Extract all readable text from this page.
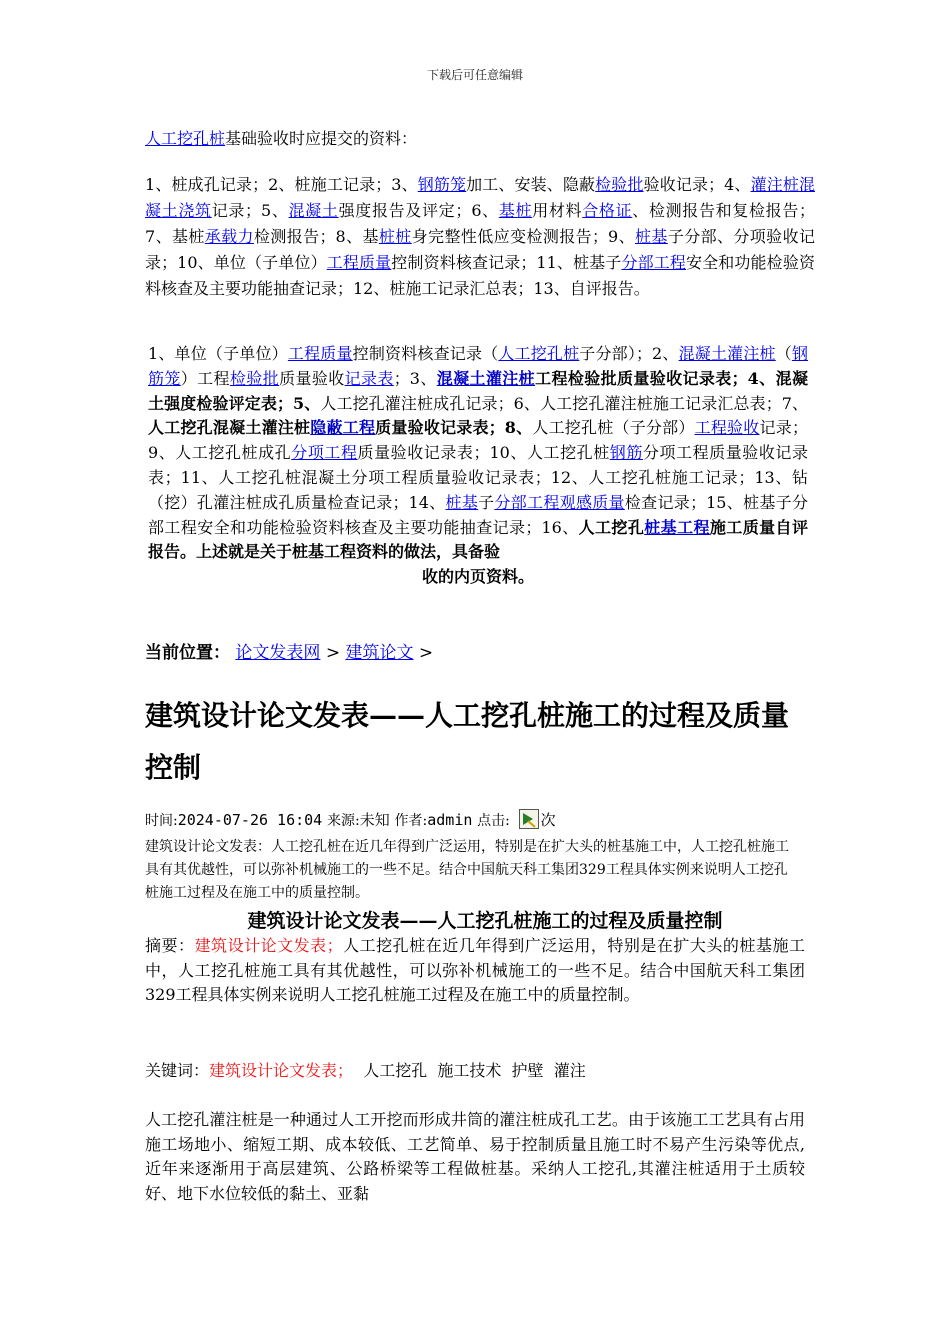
下载后可任意编辑
人工挖孔桩基础验收时应提交的资料：
1、桩成孔记录；2、桩施工记录；3、钢筋笼加工、安装、隐蔽检验批验收记录；4、灌注桩混凝土浇筑记录；5、混凝土强度报告及评定；6、基桩用材料合格证、检测报告和复检报告；7、基桩承载力检测报告；8、基桩桩身完整性低应变检测报告；9、桩基子分部、分项验收记录；10、单位（子单位）工程质量控制资料核查记录；11、桩基子分部工程安全和功能检验资料核查及主要功能抽查记录；12、桩施工记录汇总表；13、自评报告。
1、单位（子单位）工程质量控制资料核查记录（人工挖孔桩子分部）；2、混凝土灌注桩（钢筋笼）工程检验批质量验收记录表；3、混凝土灌注桩工程检验批质量验收记录表；4、混凝土强度检验评定表；5、人工挖孔灌注桩成孔记录；6、人工挖孔灌注桩施工记录汇总表；7、人工挖孔混凝土灌注桩隐蔽工程质量验收记录表；8、人工挖孔桩（子分部）工程验收记录；9、人工挖孔桩成孔分项工程质量验收记录表；10、人工挖孔桩钢筋分项工程质量验收记录表；11、人工挖孔桩混凝土分项工程质量验收记录表；12、人工挖孔桩施工记录；13、钻（挖）孔灌注桩成孔质量检查记录；14、桩基子分部工程观感质量检查记录；15、桩基子分部工程安全和功能检验资料核查及主要功能抽查记录；16、人工挖孔桩基工程施工质量自评报告。上述就是关于桩基工程资料的做法，具备验
收的内页资料。
当前位置： 论文发表网 > 建筑论文 >
建筑设计论文发表——人工挖孔桩施工的过程及质量控制
时间:2024-07-26 16:04 来源:未知 作者:admin 点击: 次
建筑设计论文发表：人工挖孔桩在近几年得到广泛运用，特别是在扩大头的桩基施工中，人工挖孔桩施工具有其优越性，可以弥补机械施工的一些不足。结合中国航天科工集团329工程具体实例来说明人工挖孔桩施工过程及在施工中的质量控制。
建筑设计论文发表——人工挖孔桩施工的过程及质量控制
摘要：建筑设计论文发表；人工挖孔桩在近几年得到广泛运用，特别是在扩大头的桩基施工中，人工挖孔桩施工具有其优越性，可以弥补机械施工的一些不足。结合中国航天科工集团329工程具体实例来说明人工挖孔桩施工过程及在施工中的质量控制。
关键词：建筑设计论文发表； 人工挖孔  施工技术  护壁  灌注
人工挖孔灌注桩是一种通过人工开挖而形成井筒的灌注桩成孔工艺。由于该施工工艺具有占用施工场地小、缩短工期、成本较低、工艺简单、易于控制质量且施工时不易产生污染等优点,近年来逐渐用于高层建筑、公路桥梁等工程做桩基。采纳人工挖孔,其灌注桩适用于土质较好、地下水位较低的黏土、亚黏
